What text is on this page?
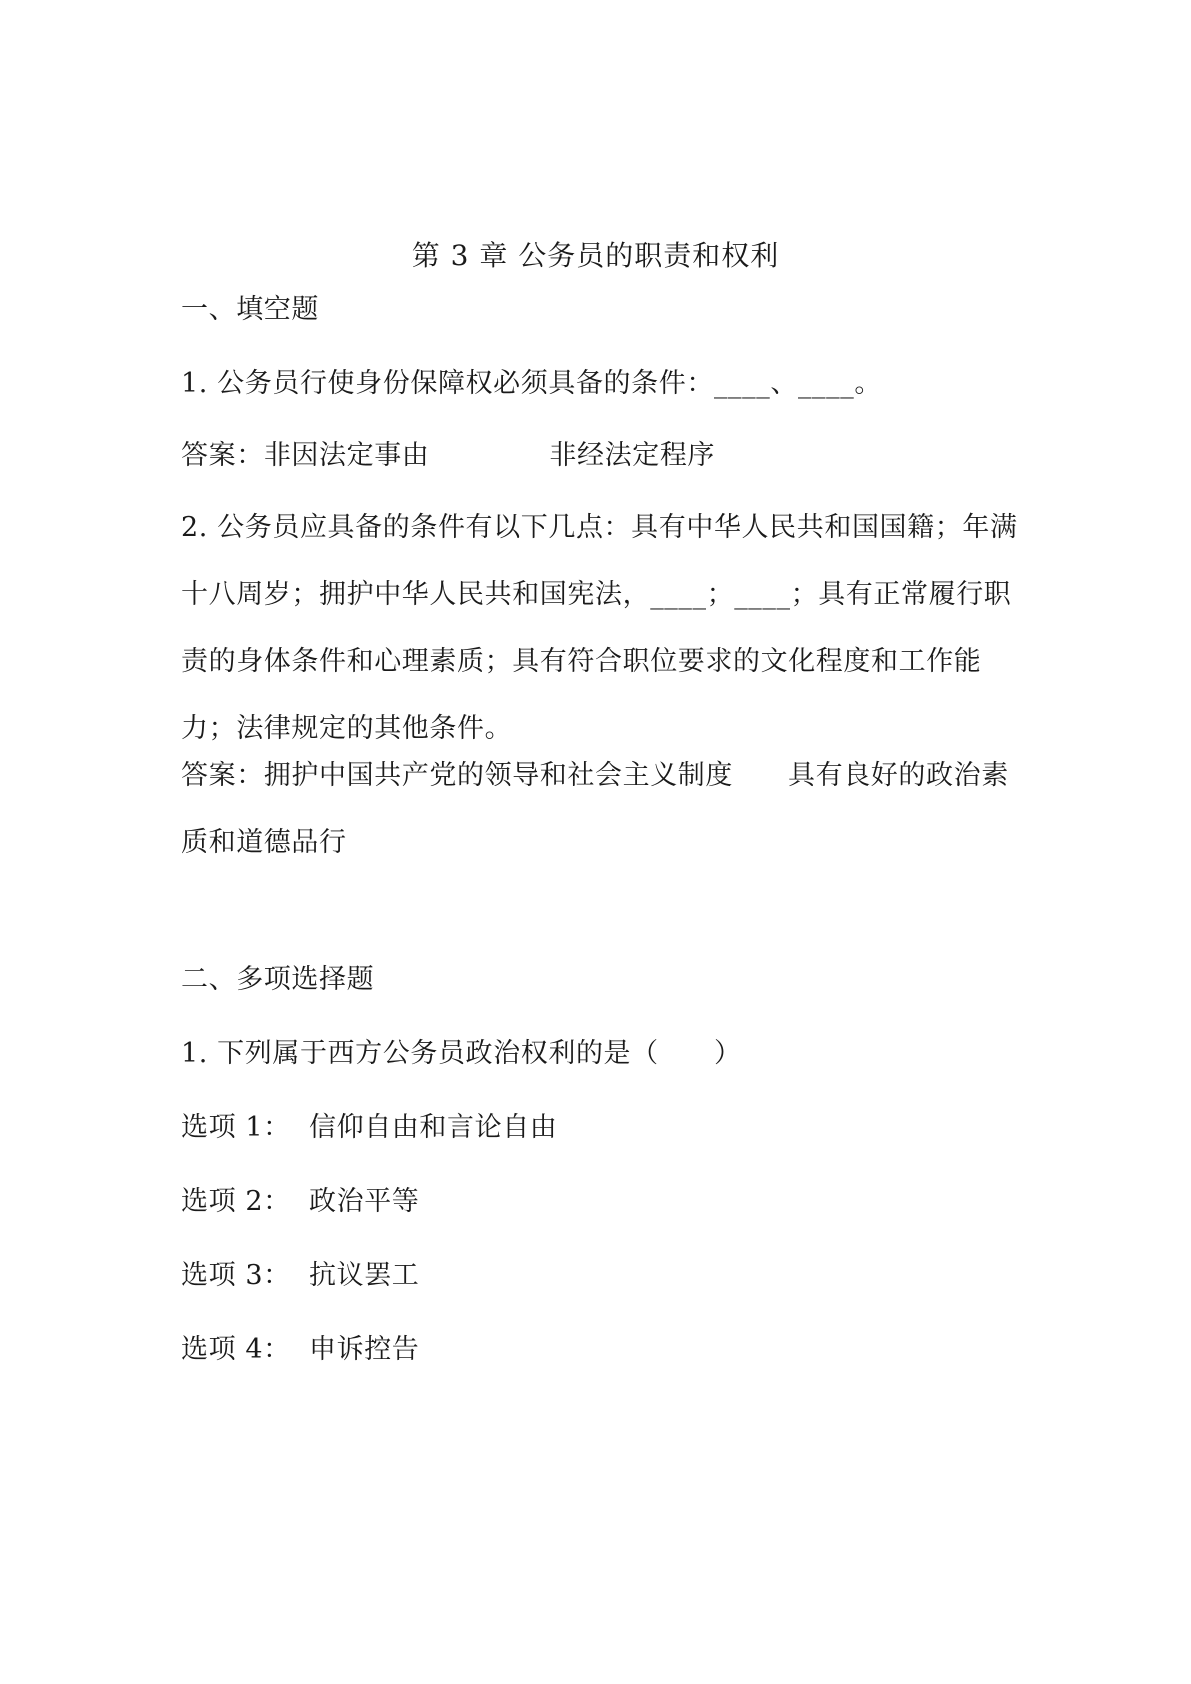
第 3 章 公务员的职责和权利
一、填空题
1. 公务员行使身份保障权必须具备的条件：____、____。
答案：非因法定事由	非经法定程序
2. 公务员应具备的条件有以下几点：具有中华人民共和国国籍；年满
十八周岁；拥护中华人民共和国宪法，____；____；具有正常履行职
责的身体条件和心理素质；具有符合职位要求的文化程度和工作能
力；法律规定的其他条件。
答案：拥护中国共产党的领导和社会主义制度 具有良好的政治素
质和道德品行
二、多项选择题
1. 下列属于西方公务员政治权利的是（　　）
选项 1： 信仰自由和言论自由
选项 2： 政治平等
选项 3： 抗议罢工
选项 4： 申诉控告
